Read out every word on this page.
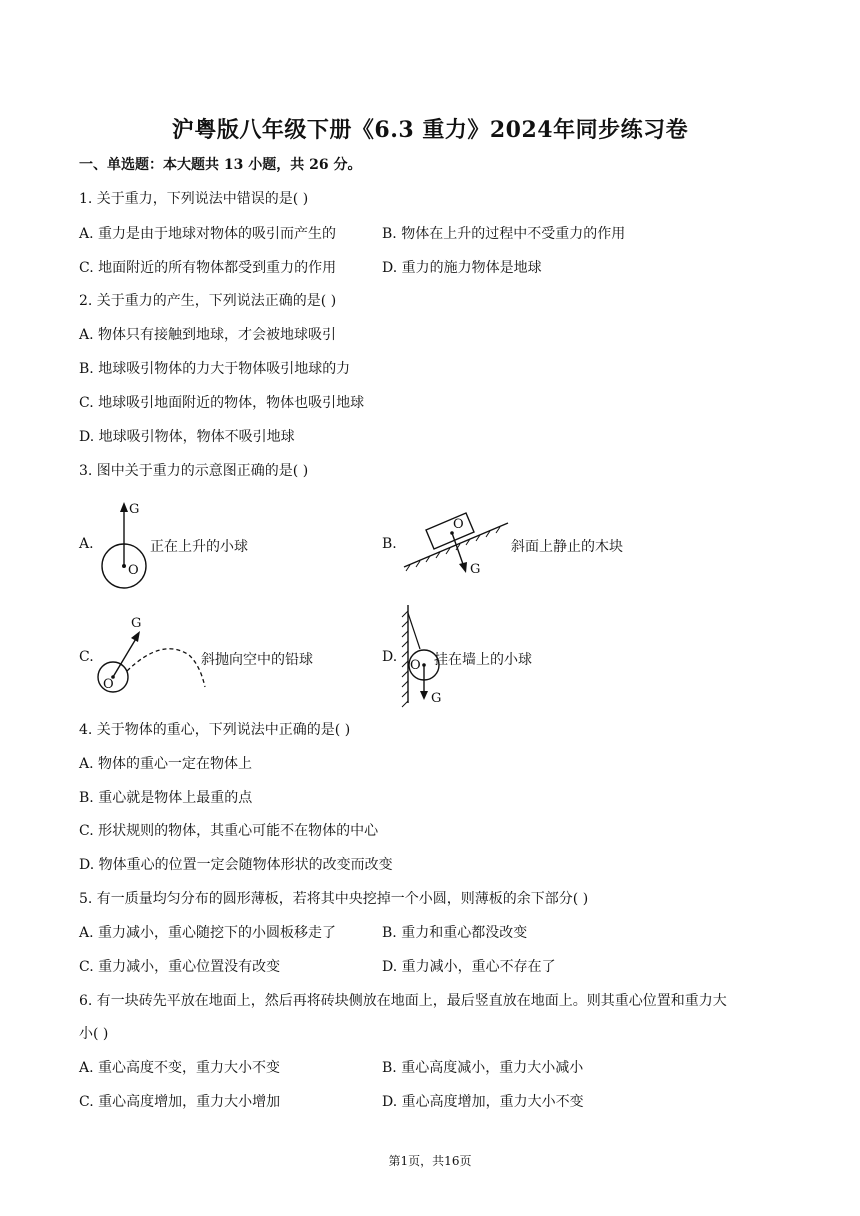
沪粤版八年级下册《6.3 重力》2024年同步练习卷
一、单选题：本大题共 13 小题，共 26 分。
1. 关于重力，下列说法中错误的是( )
A. 重力是由于地球对物体的吸引而产生的	B. 物体在上升的过程中不受重力的作用
C. 地面附近的所有物体都受到重力的作用	D. 重力的施力物体是地球
2. 关于重力的产生，下列说法正确的是( )
A. 物体只有接触到地球，才会被地球吸引
B. 地球吸引物体的力大于物体吸引地球的力
C. 地球吸引地面附近的物体，物体也吸引地球
D. 地球吸引物体，物体不吸引地球
3. 图中关于重力的示意图正确的是( )
A.
G
O
正在上升的小球	B.
O
G
斜面上静止的木块
C.
G
O
斜抛向空中的铅球	D.
O
G
挂在墙上的小球
4. 关于物体的重心，下列说法中正确的是( )
A. 物体的重心一定在物体上
B. 重心就是物体上最重的点
C. 形状规则的物体，其重心可能不在物体的中心
D. 物体重心的位置一定会随物体形状的改变而改变
5. 有一质量均匀分布的圆形薄板，若将其中央挖掉一个小圆，则薄板的余下部分( )
A. 重力减小，重心随挖下的小圆板移走了	B. 重力和重心都没改变
C. 重力减小，重心位置没有改变	D. 重力减小，重心不存在了
6. 有一块砖先平放在地面上，然后再将砖块侧放在地面上，最后竖直放在地面上。则其重心位置和重力大
小( )
A. 重心高度不变，重力大小不变	B. 重心高度减小，重力大小减小
C. 重心高度增加，重力大小增加	D. 重心高度增加，重力大小不变
第1页，共16页
